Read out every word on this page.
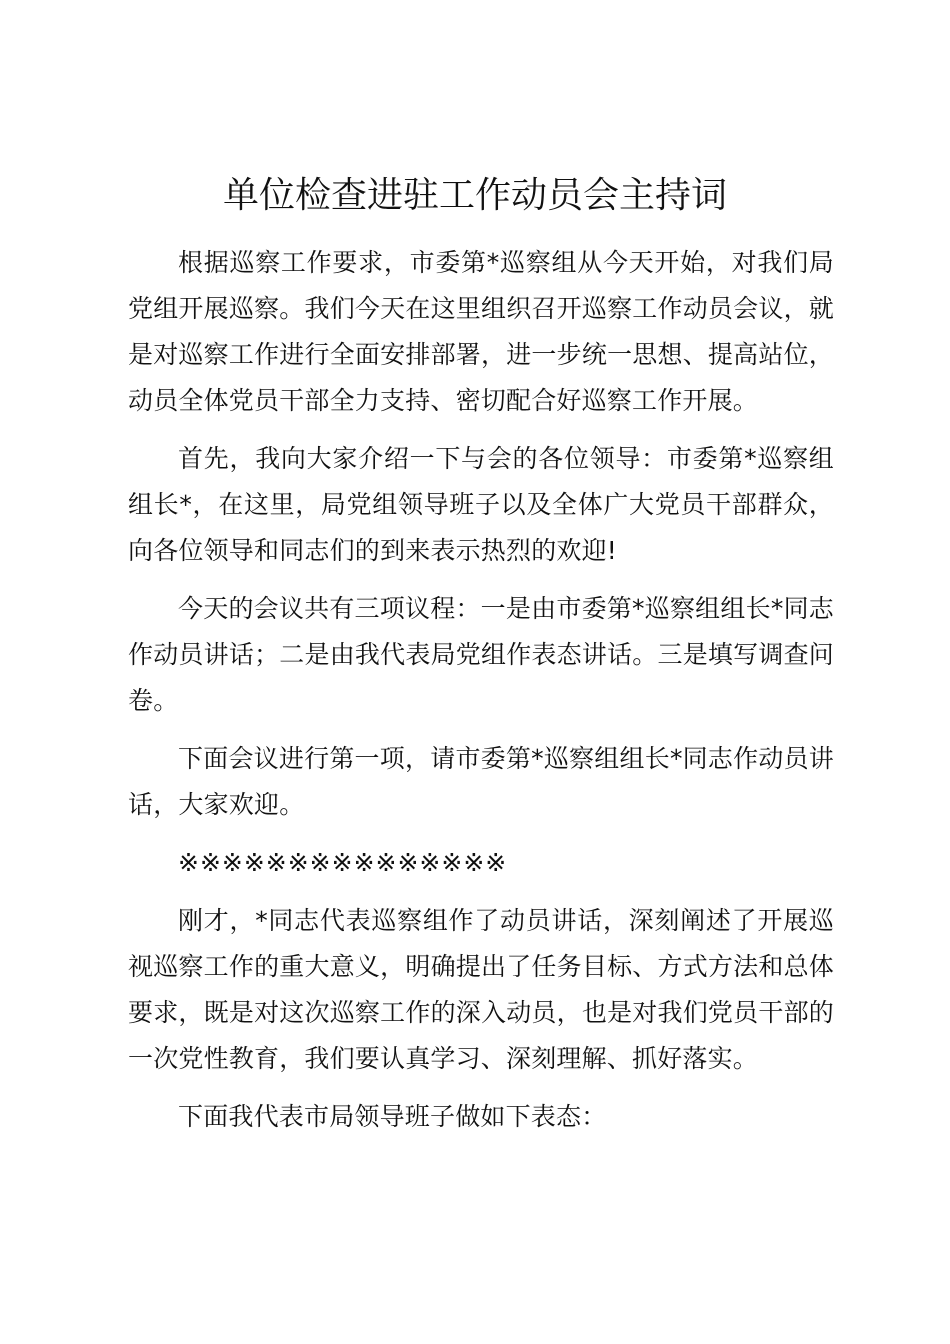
单位检查进驻工作动员会主持词

根据巡察工作要求，市委第*巡察组从今天开始，对我们局党组开展巡察。我们今天在这里组织召开巡察工作动员会议，就是对巡察工作进行全面安排部署，进一步统一思想、提高站位，动员全体党员干部全力支持、密切配合好巡察工作开展。

首先，我向大家介绍一下与会的各位领导：市委第*巡察组组长*，在这里，局党组领导班子以及全体广大党员干部群众，向各位领导和同志们的到来表示热烈的欢迎!

今天的会议共有三项议程：一是由市委第*巡察组组长*同志作动员讲话；二是由我代表局党组作表态讲话。三是填写调查问卷。

下面会议进行第一项，请市委第*巡察组组长*同志作动员讲话，大家欢迎。

※※※※※※※※※※※※※※※

刚才，*同志代表巡察组作了动员讲话，深刻阐述了开展巡视巡察工作的重大意义，明确提出了任务目标、方式方法和总体要求，既是对这次巡察工作的深入动员，也是对我们党员干部的一次党性教育，我们要认真学习、深刻理解、抓好落实。

下面我代表市局领导班子做如下表态：
